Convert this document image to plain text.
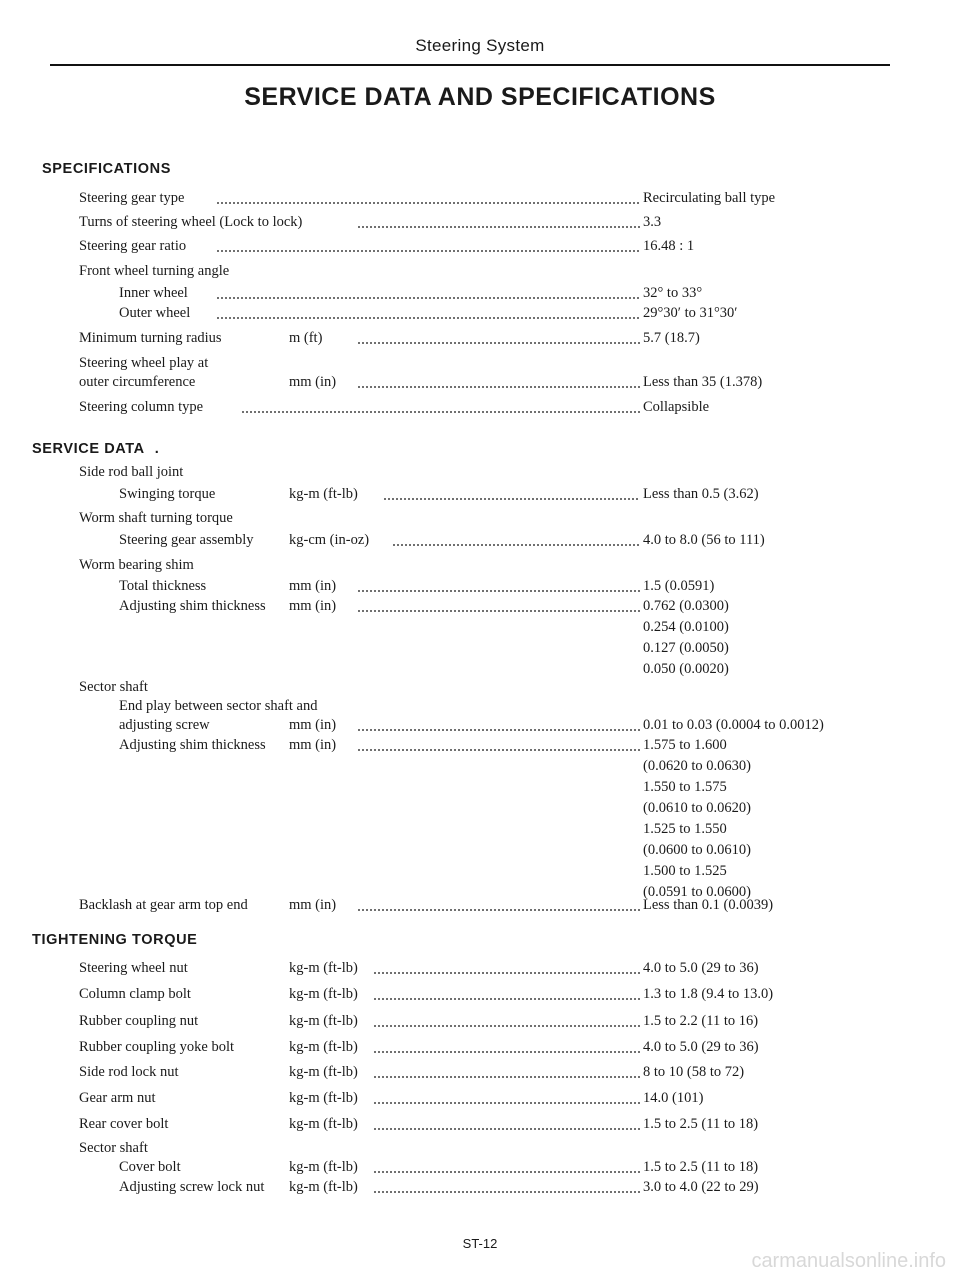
Steering System
SERVICE DATA AND SPECIFICATIONS
SPECIFICATIONS
SERVICE DATA .
TIGHTENING TORQUE
Steering gear type	Recirculating ball type
Turns of steering wheel (Lock to lock)	3.3
Steering gear ratio	16.48 : 1
Front wheel turning angle
Inner wheel	32° to 33°
Outer wheel	29°30′ to 31°30′
Minimum turning radius	m (ft)	5.7 (18.7)
Steering wheel play at
outer circumference	mm (in)	Less than 35 (1.378)
Steering column type	Collapsible
Side rod ball joint
Swinging torque	kg-m (ft-lb)	Less than 0.5 (3.62)
Worm shaft turning torque
Steering gear assembly kg-cm (in-oz)	4.0 to 8.0 (56 to 111)
Worm bearing shim
Total thickness	mm (in)	1.5 (0.0591)
Adjusting shim thickness mm (in)	0.762 (0.0300)
0.254 (0.0100)
0.127 (0.0050)
0.050 (0.0020)
Sector shaft
End play between sector shaft and
adjusting screw	mm (in)	0.01 to 0.03 (0.0004 to 0.0012)
Adjusting shim thickness mm (in)	1.575 to 1.600
(0.0620 to 0.0630)
1.550 to 1.575
(0.0610 to 0.0620)
1.525 to 1.550
(0.0600 to 0.0610)
1.500 to 1.525
(0.0591 to 0.0600)
Backlash at gear arm top end	mm (in)	Less than 0.1 (0.0039)
Steering wheel nut	kg-m (ft-lb)	4.0 to 5.0 (29 to 36)
Column clamp bolt	kg-m (ft-lb)	1.3 to 1.8 (9.4 to 13.0)
Rubber coupling nut	kg-m (ft-lb)	1.5 to 2.2 (11 to 16)
Rubber coupling yoke bolt	kg-m (ft-lb)	4.0 to 5.0 (29 to 36)
Side rod lock nut	kg-m (ft-lb)	8 to 10 (58 to 72)
Gear arm nut	kg-m (ft-lb)	14.0 (101)
Rear cover bolt	kg-m (ft-lb)	1.5 to 2.5 (11 to 18)
Sector shaft
Cover bolt	kg-m (ft-lb)	1.5 to 2.5 (11 to 18)
Adjusting screw lock nut kg-m (ft-lb)	3.0 to 4.0 (22 to 29)
ST-12
carmanualsonline.info
